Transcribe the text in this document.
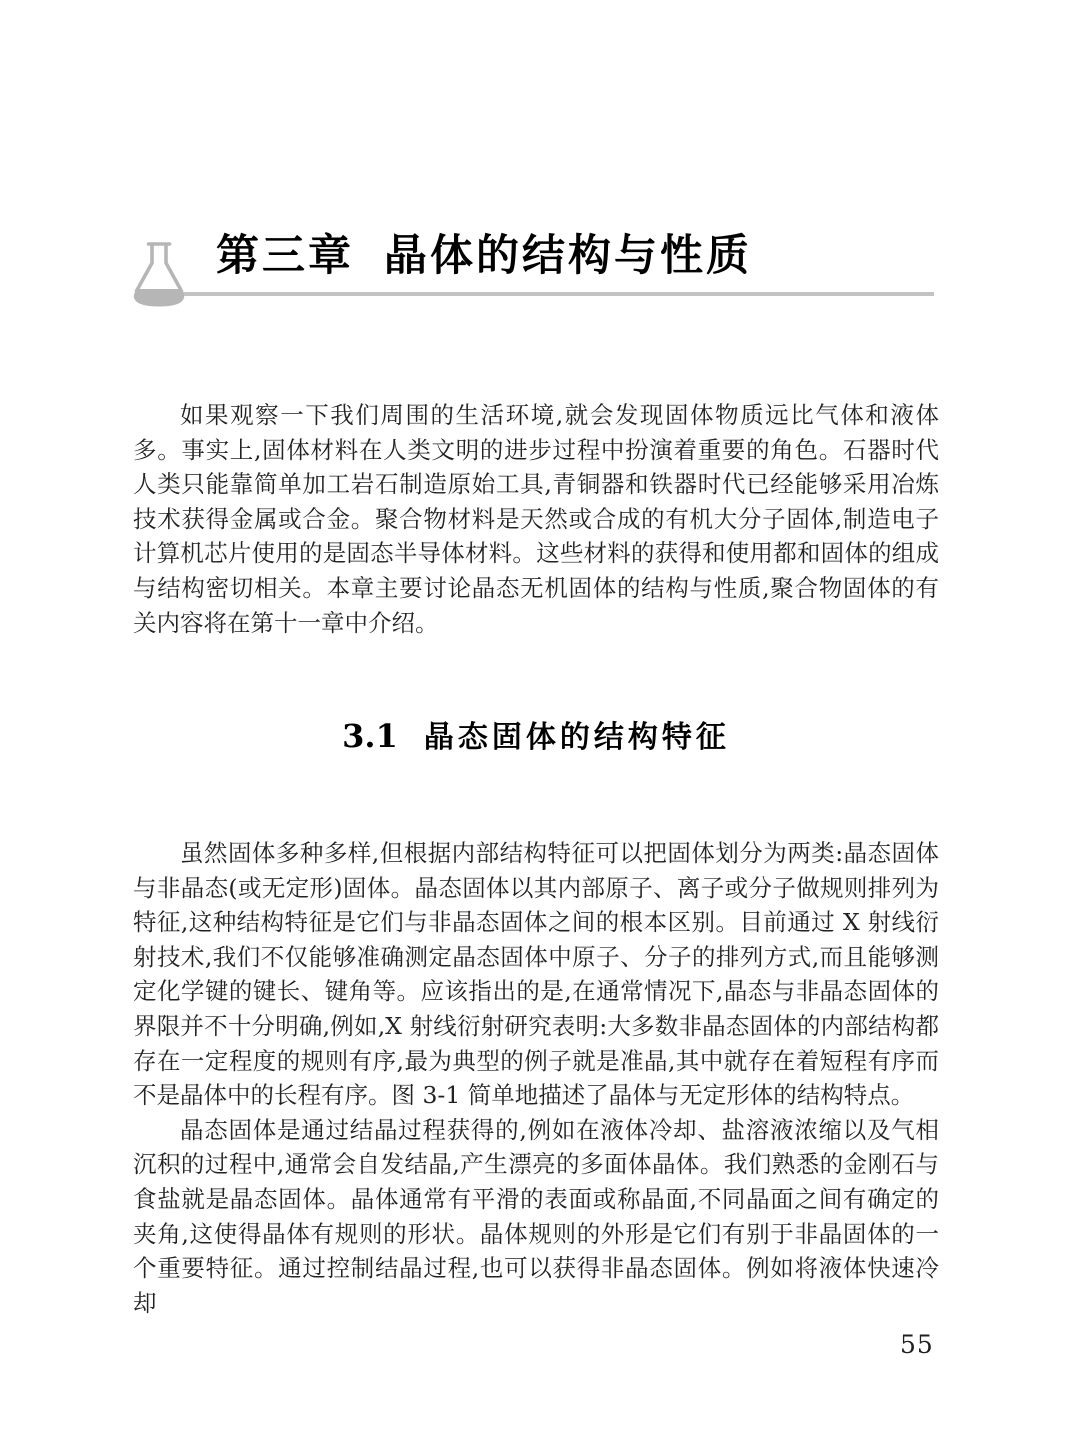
第三章 晶体的结构与性质

如果观察一下我们周围的生活环境,就会发现固体物质远比气体和液体多。事实上,固体材料在人类文明的进步过程中扮演着重要的角色。石器时代人类只能靠简单加工岩石制造原始工具,青铜器和铁器时代已经能够采用冶炼技术获得金属或合金。聚合物材料是天然或合成的有机大分子固体,制造电子计算机芯片使用的是固态半导体材料。这些材料的获得和使用都和固体的组成与结构密切相关。本章主要讨论晶态无机固体的结构与性质,聚合物固体的有关内容将在第十一章中介绍。

3.1 晶态固体的结构特征

虽然固体多种多样,但根据内部结构特征可以把固体划分为两类:晶态固体与非晶态(或无定形)固体。晶态固体以其内部原子、离子或分子做规则排列为特征,这种结构特征是它们与非晶态固体之间的根本区别。目前通过 X 射线衍射技术,我们不仅能够准确测定晶态固体中原子、分子的排列方式,而且能够测定化学键的键长、键角等。应该指出的是,在通常情况下,晶态与非晶态固体的界限并不十分明确,例如,X 射线衍射研究表明:大多数非晶态固体的内部结构都存在一定程度的规则有序,最为典型的例子就是准晶,其中就存在着短程有序而不是晶体中的长程有序。图 3-1 简单地描述了晶体与无定形体的结构特点。

晶态固体是通过结晶过程获得的,例如在液体冷却、盐溶液浓缩以及气相沉积的过程中,通常会自发结晶,产生漂亮的多面体晶体。我们熟悉的金刚石与食盐就是晶态固体。晶体通常有平滑的表面或称晶面,不同晶面之间有确定的夹角,这使得晶体有规则的形状。晶体规则的外形是它们有别于非晶固体的一个重要特征。通过控制结晶过程,也可以获得非晶态固体。例如将液体快速冷却

55
